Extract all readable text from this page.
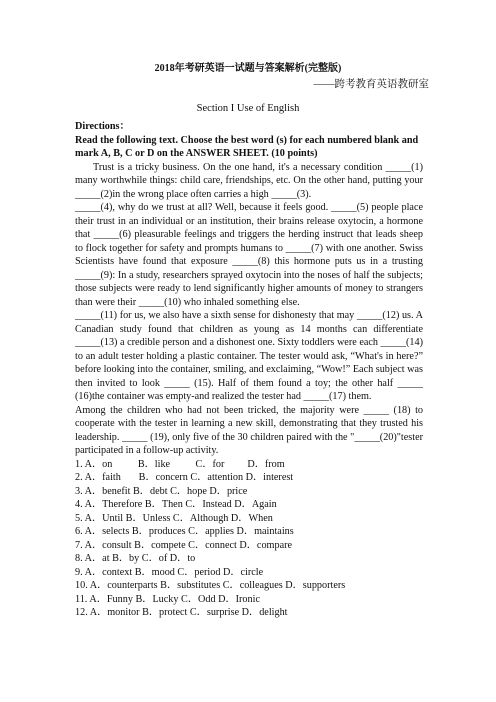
2018年考研英语一试题与答案解析(完整版)
——跨考教育英语教研室
Section I Use of English

Directions：

Read the following text. Choose the best word (s) for each numbered blank and mark A, B, C or D on the ANSWER SHEET. (10 points)

Trust is a tricky business. On the one hand, it's a necessary condition _____(1) many worthwhile things: child care, friendships, etc. On the other hand, putting your _____(2)in the wrong place often carries a high _____(3).

_____(4), why do we trust at all? Well, because it feels good. _____(5) people place their trust in an individual or an institution, their brains release oxytocin, a hormone that _____(6) pleasurable feelings and triggers the herding instruct that leads sheep to flock together for safety and prompts humans to _____(7) with one another. Swiss Scientists have found that exposure _____(8) this hormone puts us in a trusting _____(9): In a study, researchers sprayed oxytocin into the noses of half the subjects; those subjects were ready to lend significantly higher amounts of money to strangers than were their _____(10) who inhaled something else.

_____(11) for us, we also have a sixth sense for dishonesty that may _____(12) us. A Canadian study found that children as young as 14 months can differentiate _____(13) a credible person and a dishonest one. Sixty toddlers were each _____(14) to an adult tester holding a plastic container. The tester would ask, “What's in here?” before looking into the container, smiling, and exclaiming, “Wow!” Each subject was then invited to look _____ (15). Half of them found a toy; the other half _____ (16)the container was empty-and realized the tester had _____(17) them.

Among the children who had not been tricked, the majority were _____ (18) to cooperate with the tester in learning a new skill, demonstrating that they trusted his leadership. _____ (19), only five of the 30 children paired with the "_____(20)"tester participated in a follow-up activity.

1. A．on          B．like          C．for         D．from

2. A．faith       B．concern C．attention D．interest

3. A．benefit B．debt C．hope D．price

4. A．Therefore B．Then C．Instead D．Again

5. A．Until B．Unless C．Although D．When

6. A．selects B．produces C．applies D．maintains

7. A．consult B．compete C．connect D．compare

8. A．at B．by C．of D．to

9. A．context B．mood C．period D．circle

10. A．counterparts B．substitutes C．colleagues D．supporters

11. A．Funny B．Lucky C．Odd D．Ironic

12. A．monitor B．protect C．surprise D．delight
